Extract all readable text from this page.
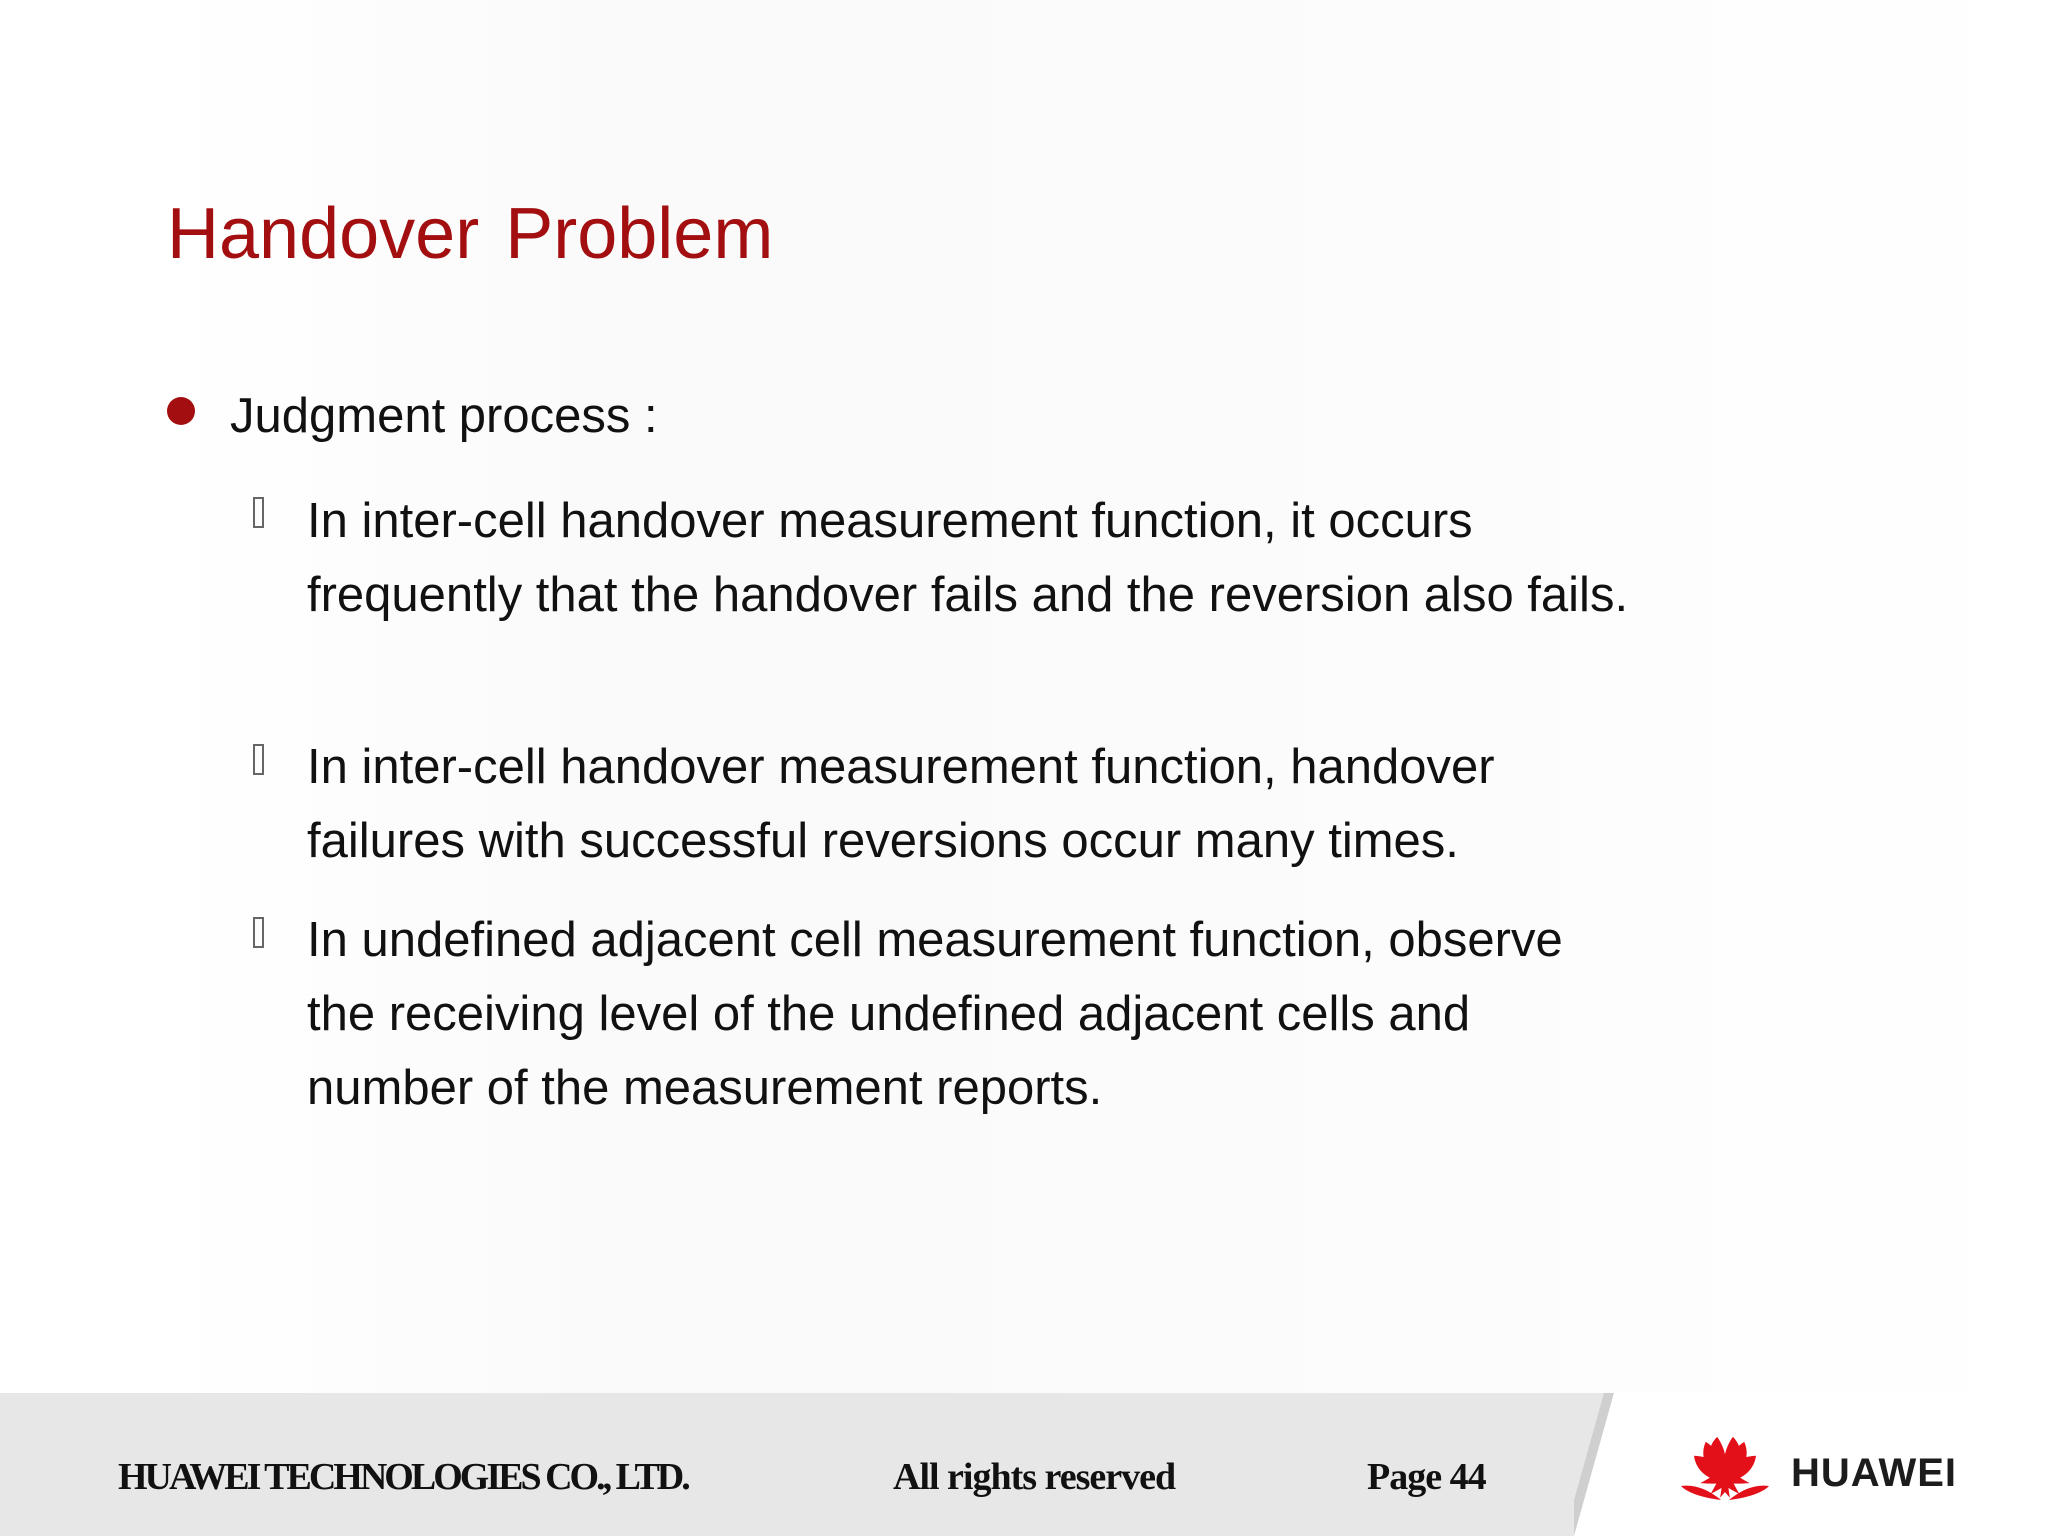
Handover Problem
Judgment process :
In inter-cell handover measurement function, it occurs frequently that the handover fails and the reversion also fails.
In inter-cell handover measurement function, handover failures with successful reversions occur many times.
In undefined adjacent cell measurement function, observe the receiving level of the undefined adjacent cells and number of the measurement reports.
HUAWEI TECHNOLOGIES CO., LTD.	All rights reserved	Page 44	HUAWEI
